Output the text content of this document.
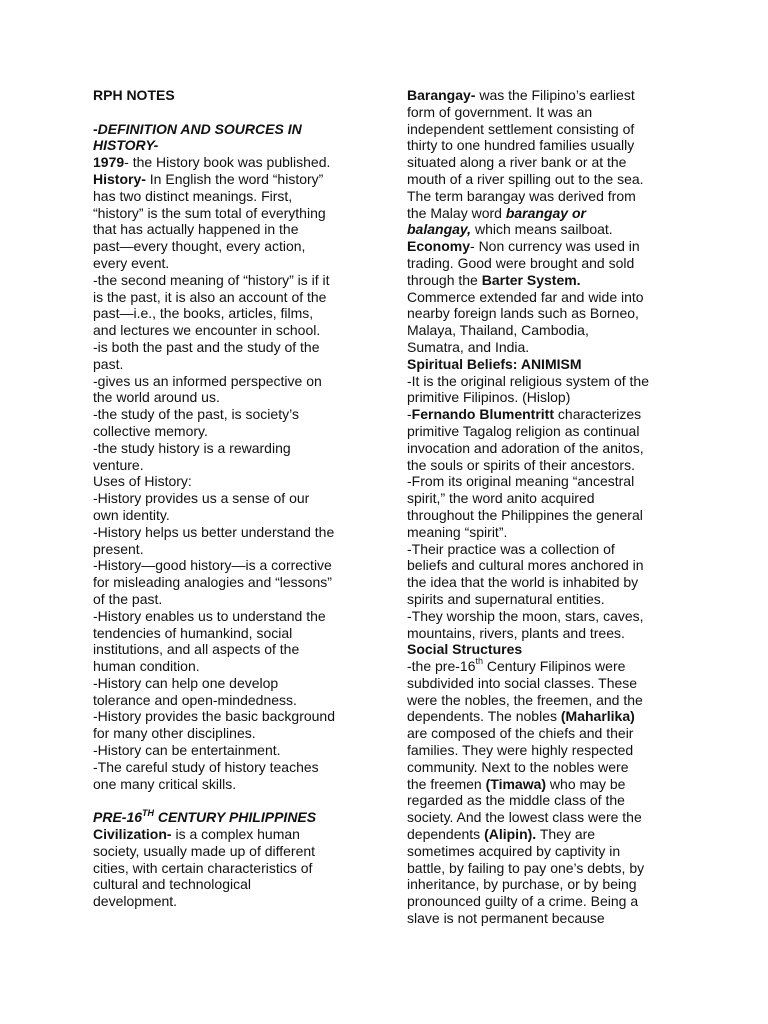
RPH NOTES
-DEFINITION AND SOURCES IN
HISTORY-
1979- the History book was published.
History- In English the word “history”
has two distinct meanings. First,
“history” is the sum total of everything
that has actually happened in the
past—every thought, every action,
every event.
-the second meaning of “history” is if it
is the past, it is also an account of the
past—i.e., the books, articles, films,
and lectures we encounter in school.
-is both the past and the study of the
past.
-gives us an informed perspective on
the world around us.
-the study of the past, is society’s
collective memory.
-the study history is a rewarding
venture.
Uses of History:
-History provides us a sense of our
own identity.
-History helps us better understand the
present.
-History—good history—is a corrective
for misleading analogies and “lessons”
of the past.
-History enables us to understand the
tendencies of humankind, social
institutions, and all aspects of the
human condition.
-History can help one develop
tolerance and open-mindedness.
-History provides the basic background
for many other disciplines.
-History can be entertainment.
-The careful study of history teaches
one many critical skills.
PRE-16TH CENTURY PHILIPPINES
Civilization- is a complex human
society, usually made up of different
cities, with certain characteristics of
cultural and technological
development.
Barangay- was the Filipino’s earliest
form of government. It was an
independent settlement consisting of
thirty to one hundred families usually
situated along a river bank or at the
mouth of a river spilling out to the sea.
The term barangay was derived from
the Malay word barangay or
balangay, which means sailboat.
Economy- Non currency was used in
trading. Good were brought and sold
through the Barter System.
Commerce extended far and wide into
nearby foreign lands such as Borneo,
Malaya, Thailand, Cambodia,
Sumatra, and India.
Spiritual Beliefs: ANIMISM
-It is the original religious system of the
primitive Filipinos. (Hislop)
-Fernando Blumentritt characterizes
primitive Tagalog religion as continual
invocation and adoration of the anitos,
the souls or spirits of their ancestors.
-From its original meaning “ancestral
spirit,” the word anito acquired
throughout the Philippines the general
meaning “spirit”.
-Their practice was a collection of
beliefs and cultural mores anchored in
the idea that the world is inhabited by
spirits and supernatural entities.
-They worship the moon, stars, caves,
mountains, rivers, plants and trees.
Social Structures
-the pre-16th Century Filipinos were
subdivided into social classes. These
were the nobles, the freemen, and the
dependents. The nobles (Maharlika)
are composed of the chiefs and their
families. They were highly respected
community. Next to the nobles were
the freemen (Timawa) who may be
regarded as the middle class of the
society. And the lowest class were the
dependents (Alipin). They are
sometimes acquired by captivity in
battle, by failing to pay one’s debts, by
inheritance, by purchase, or by being
pronounced guilty of a crime. Being a
slave is not permanent because
